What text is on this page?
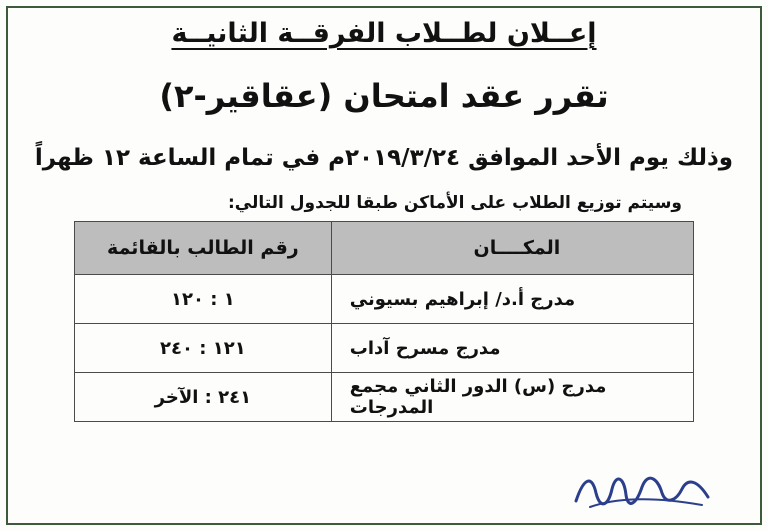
إعــلان لطــلاب الفرقــة الثانيــة
تقرر عقد امتحان (عقاقير-٢)
وذلك يوم الأحد الموافق ٢٠١٩/٣/٢٤م في تمام الساعة ١٢ ظهراً
وسيتم توزيع الطلاب على الأماكن طبقا للجدول التالي:
المكــــان	رقم الطالب بالقائمة
مدرج أ.د/ إبراهيم بسيوني	١ : ١٢٠
مدرج مسرح آداب	١٢١ : ٢٤٠
مدرج (س) الدور الثاني مجمع المدرجات	٢٤١ : الآخر
